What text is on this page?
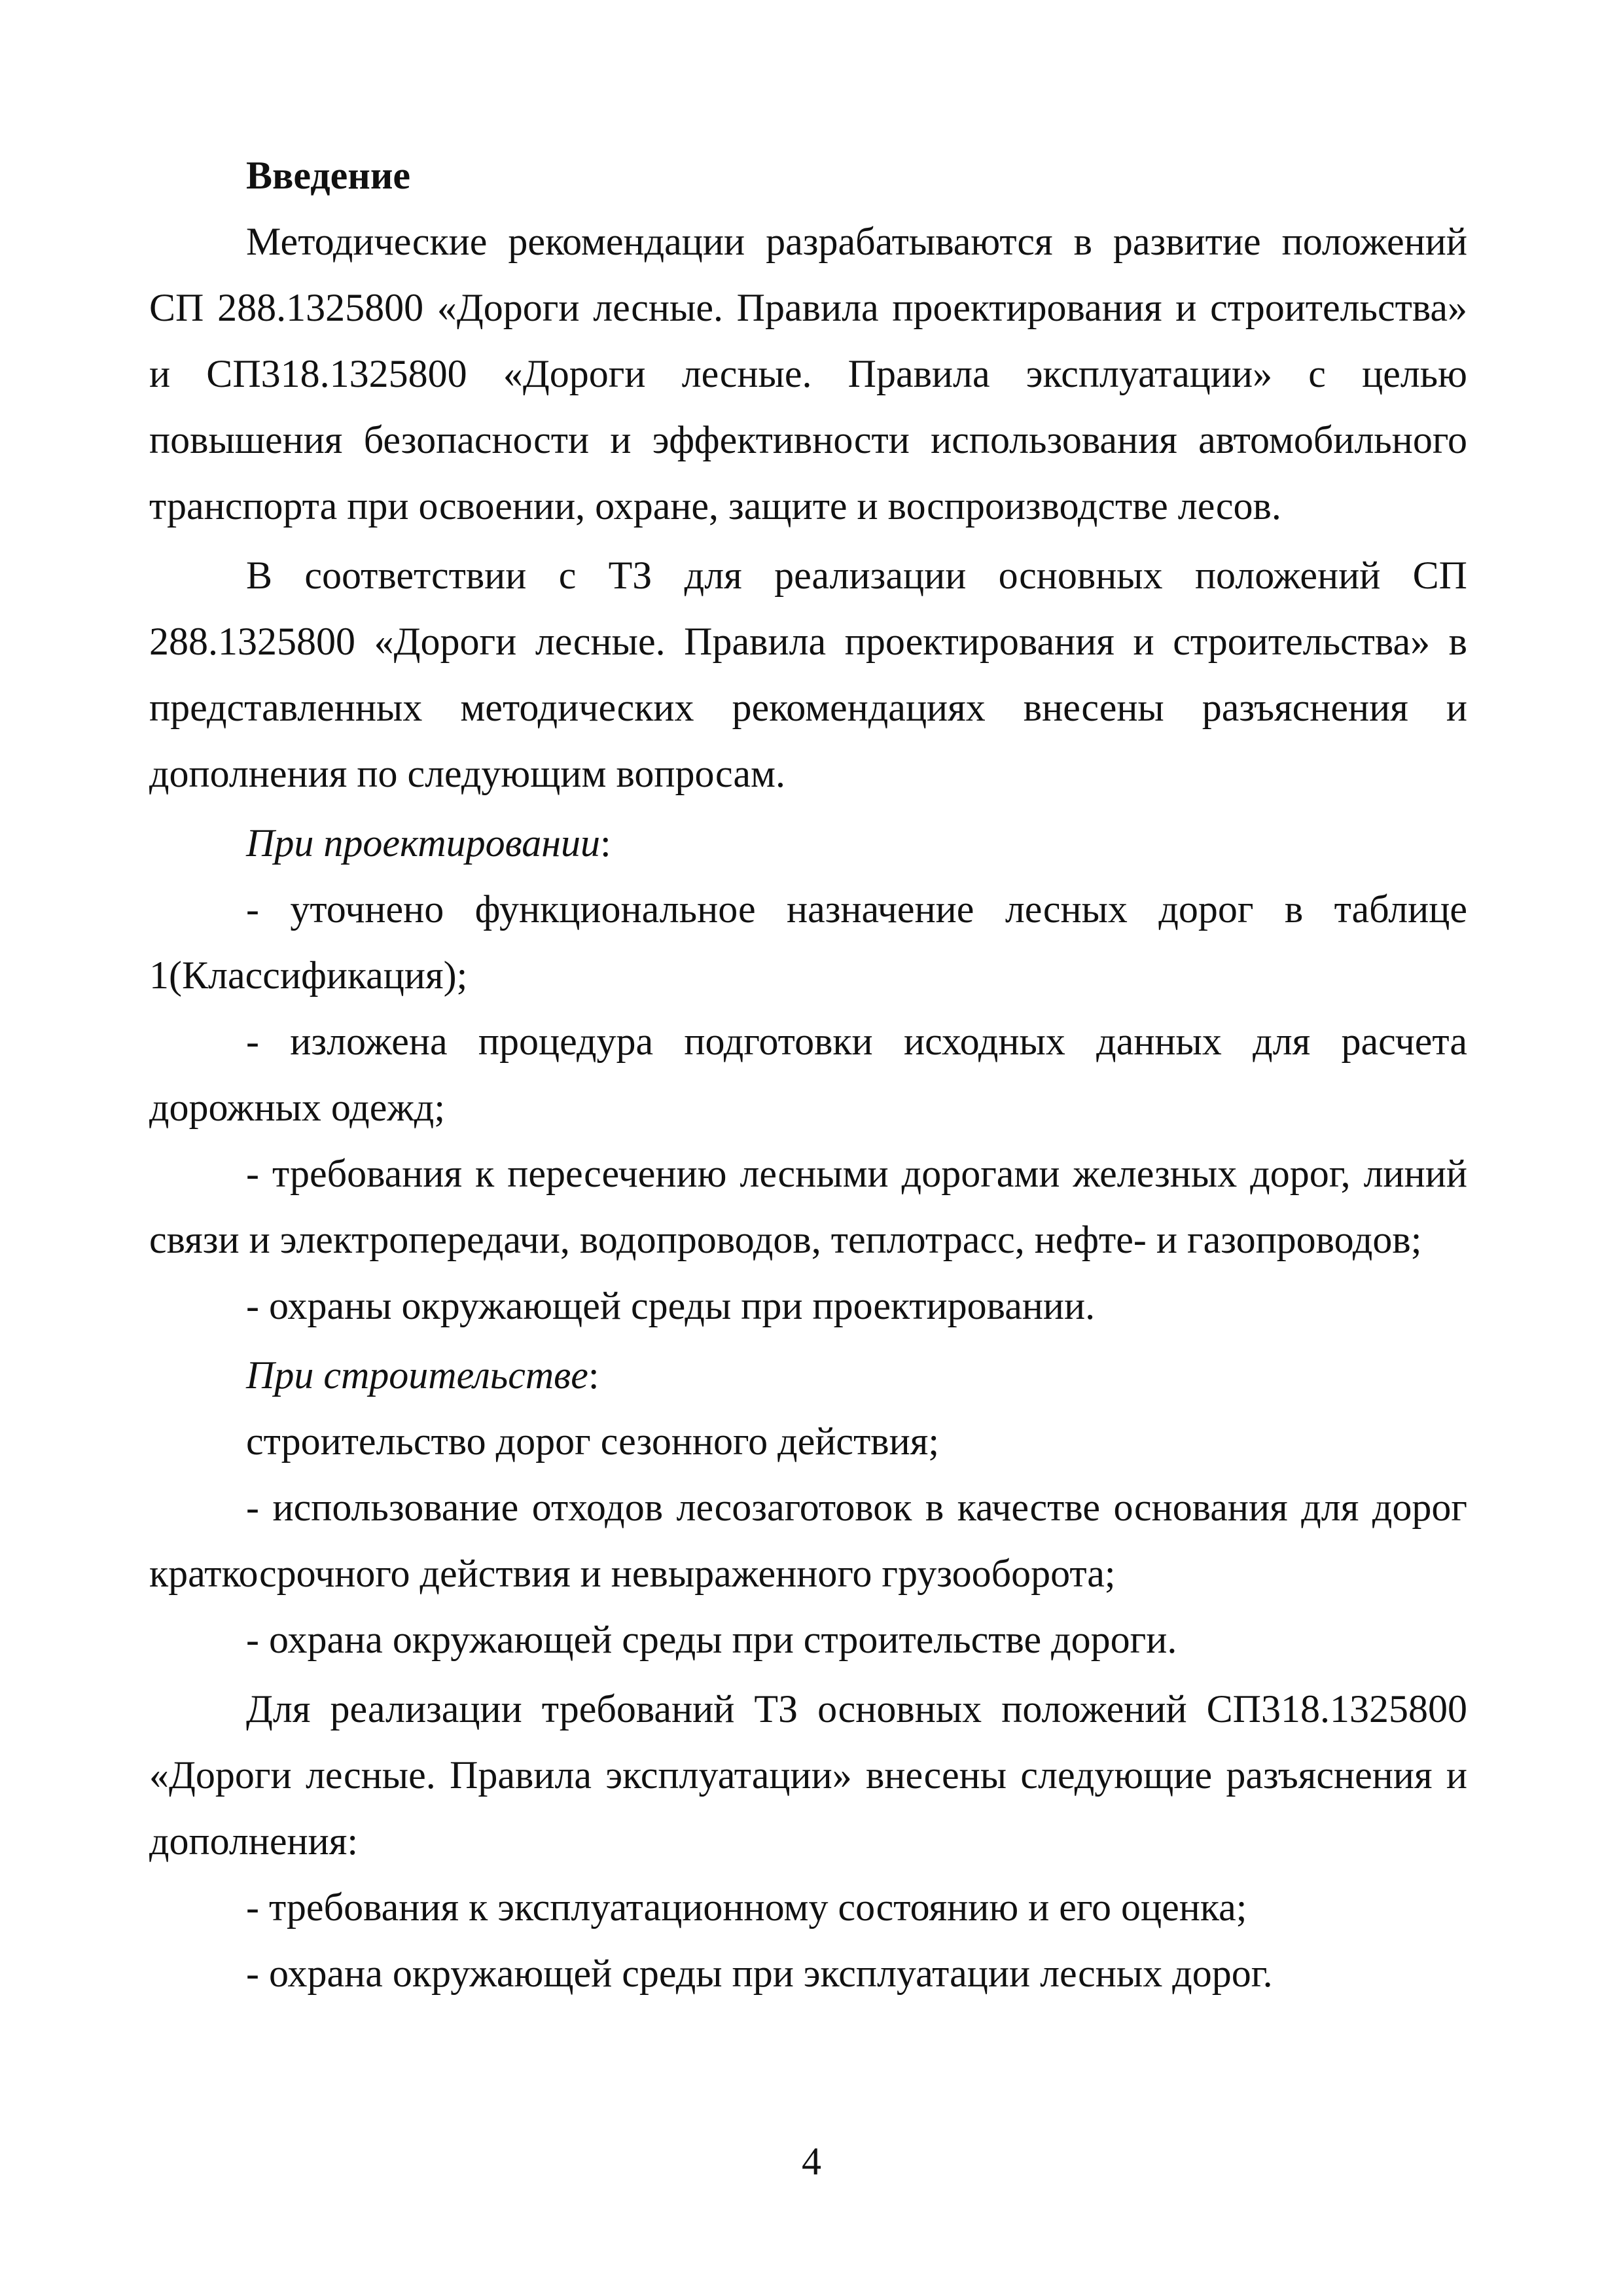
Введение

Методические рекомендации разрабатываются в развитие положений СП 288.1325800 «Дороги лесные. Правила проектирования и строительства» и СП318.1325800 «Дороги лесные. Правила эксплуатации» с целью повышения безопасности и эффективности использования автомобильного транспорта при освоении, охране, защите и воспроизводстве лесов.

В соответствии с ТЗ для реализации основных положений СП 288.1325800 «Дороги лесные. Правила проектирования и строительства» в представленных методических рекомендациях внесены разъяснения и дополнения по следующим вопросам.

При проектировании:

- уточнено функциональное назначение лесных дорог в таблице 1(Классификация);

- изложена процедура подготовки исходных данных для расчета дорожных одежд;

- требования к пересечению лесными дорогами железных дорог, линий связи и электропередачи, водопроводов, теплотрасс, нефте- и газопроводов;

- охраны окружающей среды при проектировании.

При строительстве:

строительство дорог сезонного действия;

- использование отходов лесозаготовок в качестве основания для дорог краткосрочного действия и невыраженного грузооборота;

- охрана окружающей среды при строительстве дороги.

Для реализации требований ТЗ основных положений СП318.1325800 «Дороги лесные. Правила эксплуатации» внесены следующие разъяснения и дополнения:

- требования к эксплуатационному состоянию и его оценка;

- охрана окружающей среды при эксплуатации лесных дорог.

4
